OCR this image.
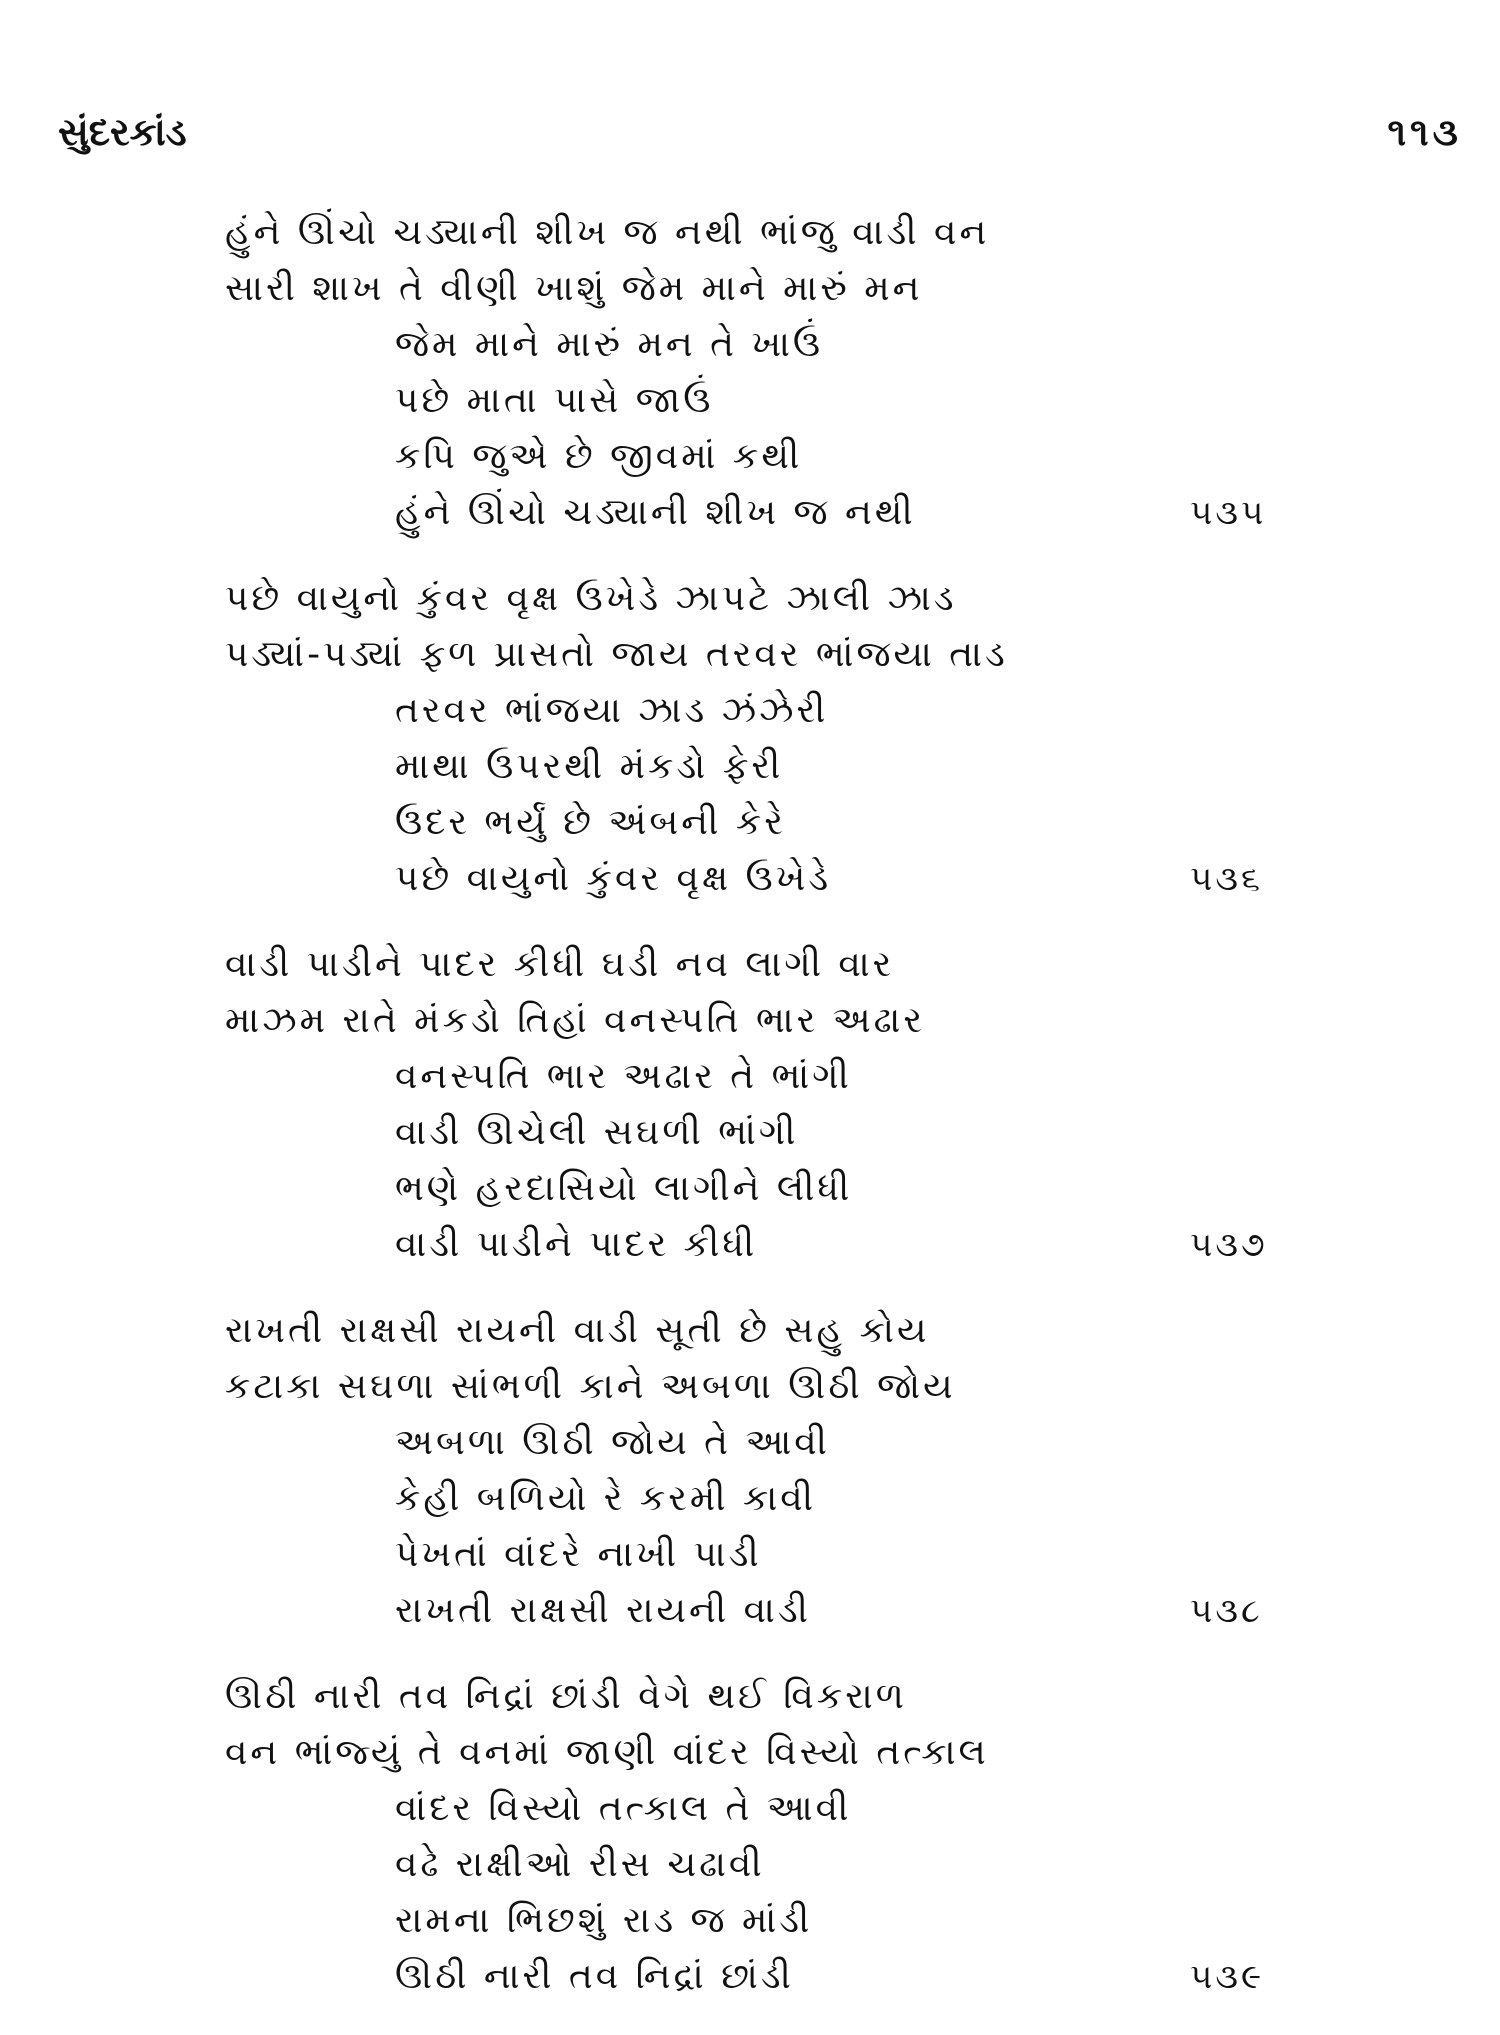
સુંદરકાંડ	૧૧૩
હુંને ઊંચો ચડ્યાની શીખ જ નથી ભાંજુ વાડી વન
સારી શાખ તે વીણી ખાશું જેમ માને મારું મન
જેમ માને મારું મન તે ખાઉં
પછે માતા પાસે જાઉં
કપિ જુએ છે જીવમાં કથી
હુંને ઊંચો ચડ્યાની શીખ જ નથી	૫૩૫
પછે વાયુનો કુંવર વૃક્ષ ઉખેડે ઝાપટે ઝાલી ઝાડ
પડ્યાં-પડ્યાં ફળ પ્રાસતો જાય તરવર ભાંજયા તાડ
તરવર ભાંજયા ઝાડ ઝંઝેરી
માથા ઉપરથી મંકડો ફેરી
ઉદર ભર્યું છે અંબની કેરે
પછે વાયુનો કુંવર વૃક્ષ ઉખેડે	૫૩૬
વાડી પાડીને પાદર કીધી ઘડી નવ લાગી વાર
માઝમ રાતે મંકડો તિહાં વનસ્પતિ ભાર અઢાર
વનસ્પતિ ભાર અઢાર તે ભાંગી
વાડી ઊચેલી સઘળી ભાંગી
ભણે હરદાસિયો લાગીને લીધી
વાડી પાડીને પાદર કીધી	૫૩૭
રાખતી રાક્ષસી રાયની વાડી સૂતી છે સહુ કોય
કટાકા સઘળા સાંભળી કાને અબળા ઊઠી જોય
અબળા ઊઠી જોય તે આવી
કેહી બળિયો રે કરમી કાવી
પેખતાં વાંદરે નાખી પાડી
રાખતી રાક્ષસી રાયની વાડી	૫૩૮
ઊઠી નારી તવ નિદ્રાં છાંડી વેગે થઈ વિકરાળ
વન ભાંજ્યું તે વનમાં જાણી વાંદર વિસ્યો તત્કાલ
વાંદર વિસ્યો તત્કાલ તે આવી
વઢે રાક્ષીઓ રીસ ચઢાવી
રામના ભિછશું રાડ જ માંડી
ઊઠી નારી તવ નિદ્રાં છાંડી	૫૩૯
